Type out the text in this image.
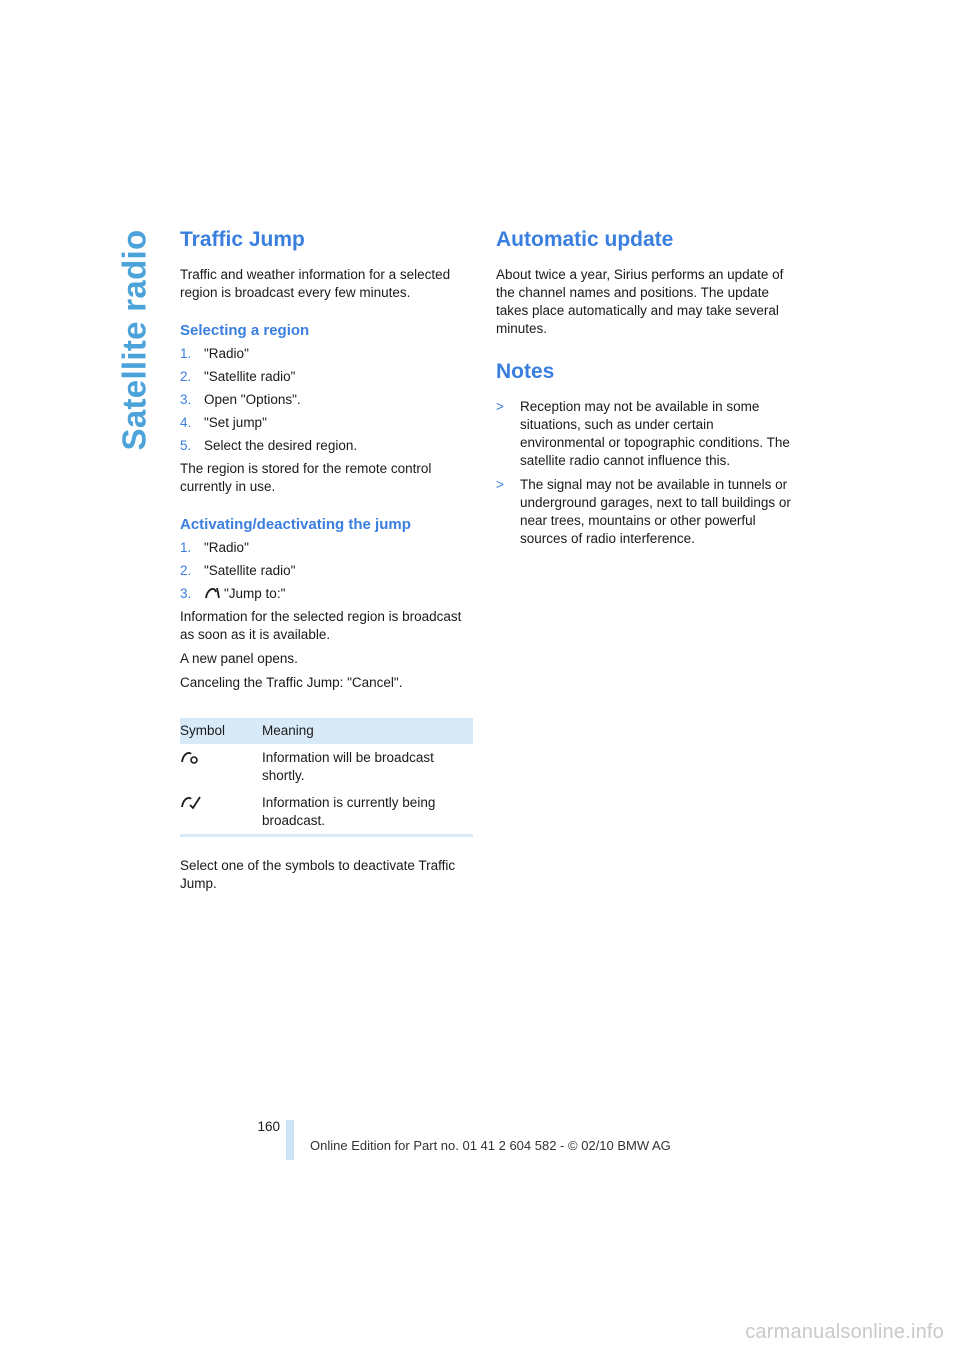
Satellite radio Traffic Jump

Traffic and weather information for a selected region is broadcast every few minutes.

Selecting a region
1. "Radio"
2. "Satellite radio"
3. Open "Options".
4. "Set jump"
5. Select the desired region.

The region is stored for the remote control currently in use.

Activating/deactivating the jump
1. "Radio"
2. "Satellite radio"
3.	"Jump to:"

Information for the selected region is broadcast as soon as it is available.

A new panel opens.

Canceling the Traffic Jump: "Cancel".

Symbol	Meaning
	Information will be broadcast shortly.
	Information is currently being broadcast.

Select one of the symbols to deactivate Traffic Jump.

Automatic update

About twice a year, Sirius performs an update of the channel names and positions. The update takes place automatically and may take several minutes.

Notes
>	Reception may not be available in some situations, such as under certain environmental or topographic conditions. The satellite radio cannot influence this.
>	The signal may not be available in tunnels or underground garages, next to tall buildings or near trees, mountains or other powerful sources of radio interference.
160
Online Edition for Part no. 01 41 2 604 582 - © 02/10 BMW AG
carmanualsonline.info
